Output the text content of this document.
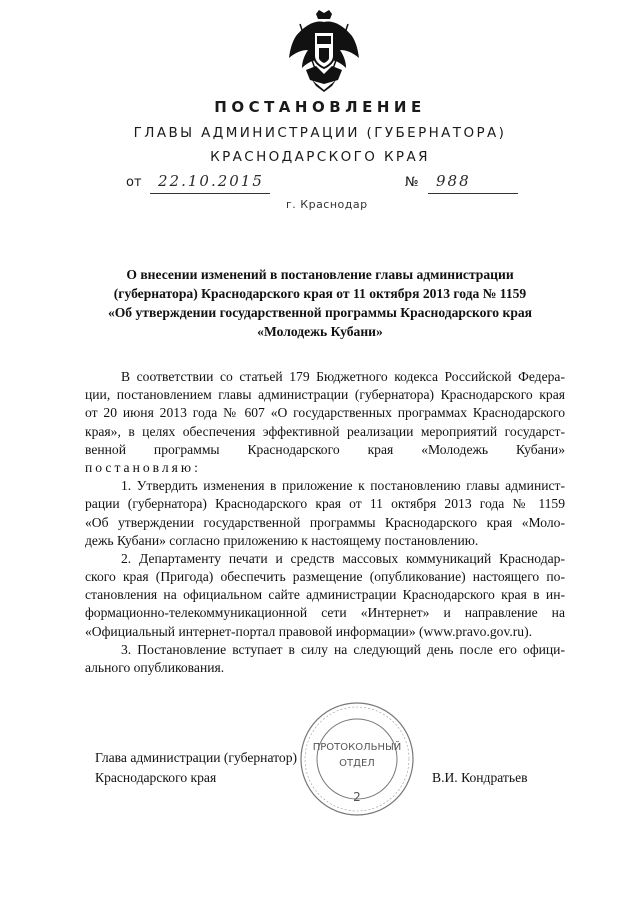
ПОСТАНОВЛЕНИЕ
ГЛАВЫ АДМИНИСТРАЦИИ (ГУБЕРНАТОРА)
КРАСНОДАРСКОГО КРАЯ
от 22.10.2015	№ 988
г. Краснодар
О внесении изменений в постановление главы администрации
(губернатора) Краснодарского края от 11 октября 2013 года № 1159
«Об утверждении государственной программы Краснодарского края
«Молодежь Кубани»
В соответствии со статьей 179 Бюджетного кодекса Российской Федера-
ции, постановлением главы администрации (губернатора) Краснодарского края
от 20 июня 2013 года № 607 «О государственных программах Краснодарского
края», в целях обеспечения эффективной реализации мероприятий государст-
венной программы Краснодарского края «Молодежь Кубани»
постановляю:
1. Утвердить изменения в приложение к постановлению главы админист-
рации (губернатора) Краснодарского края от 11 октября 2013 года № 1159
«Об утверждении государственной программы Краснодарского края «Моло-
дежь Кубани» согласно приложению к настоящему постановлению.
2. Департаменту печати и средств массовых коммуникаций Краснодар-
ского края (Пригода) обеспечить размещение (опубликование) настоящего по-
становления на официальном сайте администрации Краснодарского края в ин-
формационно-телекоммуникационной сети «Интернет» и направление на
«Официальный интернет-портал правовой информации» (www.pravo.gov.ru).
3. Постановление вступает в силу на следующий день после его офици-
ального опубликования.
ПРОТОКОЛЬНЫЙ
ОТДЕЛ
2
Глава администрации (губернатор)
Краснодарского края	В.И. Кондратьев
